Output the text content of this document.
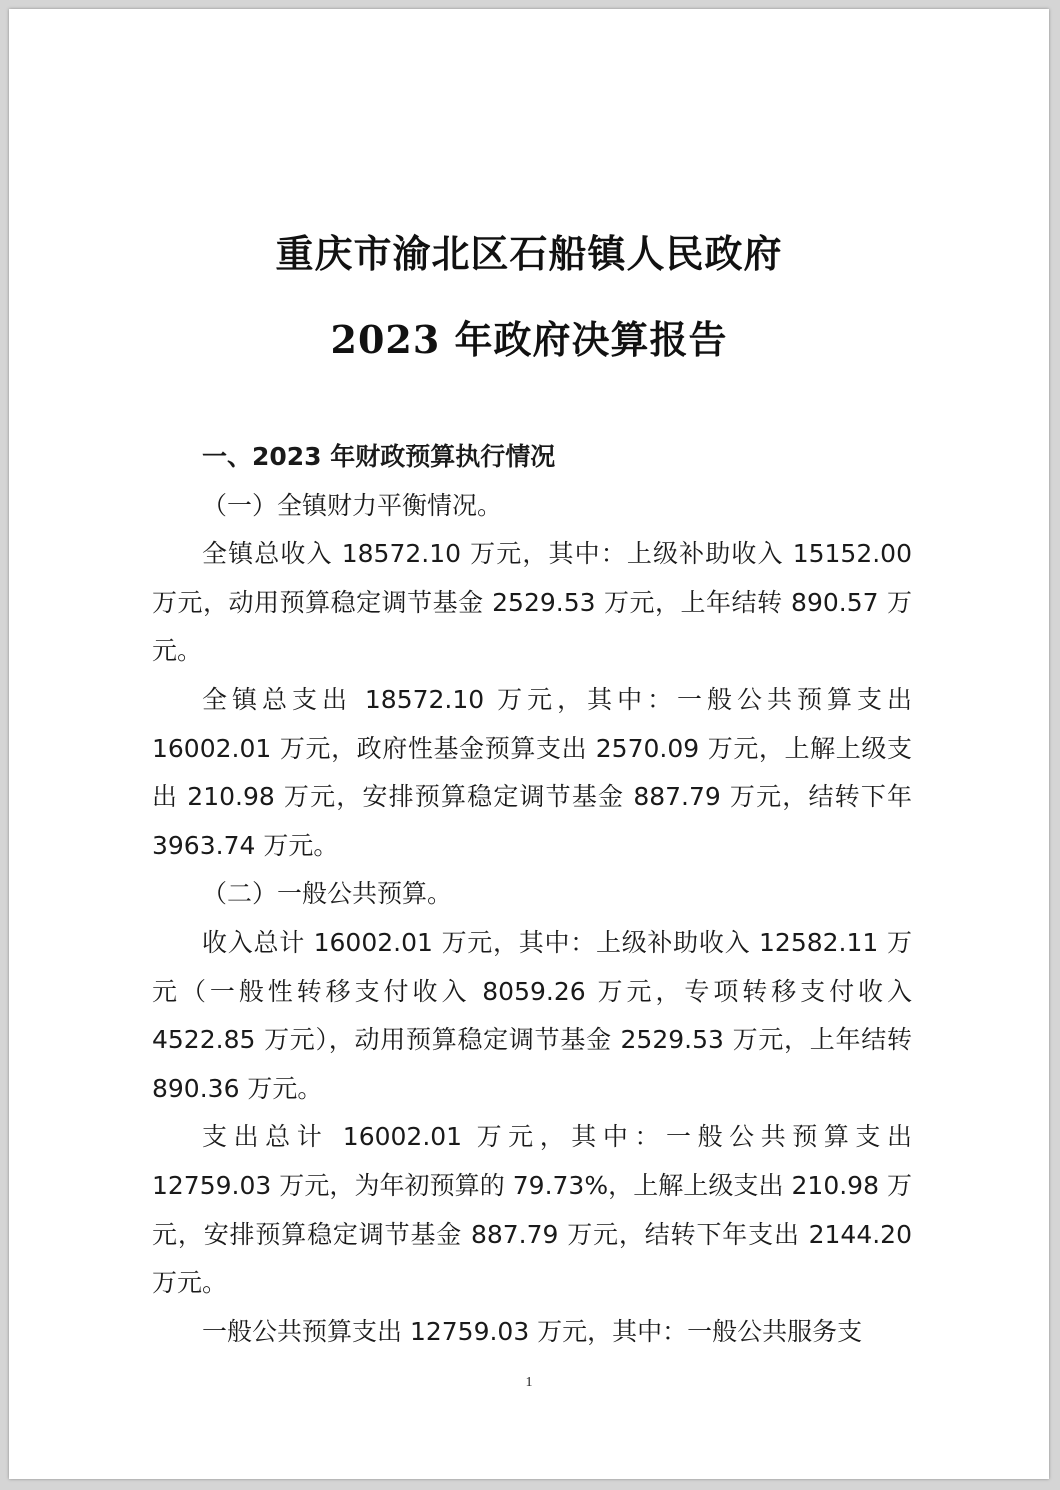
重庆市渝北区石船镇人民政府
2023 年政府决算报告

一、2023 年财政预算执行情况

（一）全镇财力平衡情况。

全镇总收入 18572.10 万元，其中：上级补助收入 15152.00 万元，动用预算稳定调节基金 2529.53 万元，上年结转 890.57 万元。

全镇总支出 18572.10 万元，其中：一般公共预算支出 16002.01 万元，政府性基金预算支出 2570.09 万元，上解上级支出 210.98 万元，安排预算稳定调节基金 887.79 万元，结转下年 3963.74 万元。

（二）一般公共预算。

收入总计 16002.01 万元，其中：上级补助收入 12582.11 万元（一般性转移支付收入 8059.26 万元，专项转移支付收入 4522.85 万元），动用预算稳定调节基金 2529.53 万元，上年结转 890.36 万元。

支出总计 16002.01 万元，其中：一般公共预算支出 12759.03 万元，为年初预算的 79.73%，上解上级支出 210.98 万元，安排预算稳定调节基金 887.79 万元，结转下年支出 2144.20 万元。

一般公共预算支出 12759.03 万元，其中：一般公共服务支

1
